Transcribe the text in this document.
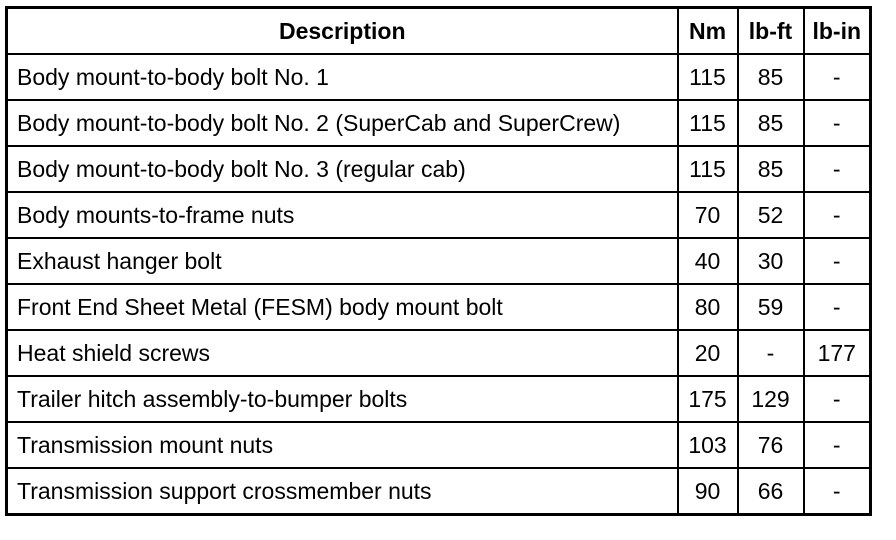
Description	Nm	lb-ft	lb-in
Body mount-to-body bolt No. 1	115	85	-
Body mount-to-body bolt No. 2 (SuperCab and SuperCrew)	115	85	-
Body mount-to-body bolt No. 3 (regular cab)	115	85	-
Body mounts-to-frame nuts	70	52	-
Exhaust hanger bolt	40	30	-
Front End Sheet Metal (FESM) body mount bolt	80	59	-
Heat shield screws	20	-	177
Trailer hitch assembly-to-bumper bolts	175	129	-
Transmission mount nuts	103	76	-
Transmission support crossmember nuts	90	66	-
